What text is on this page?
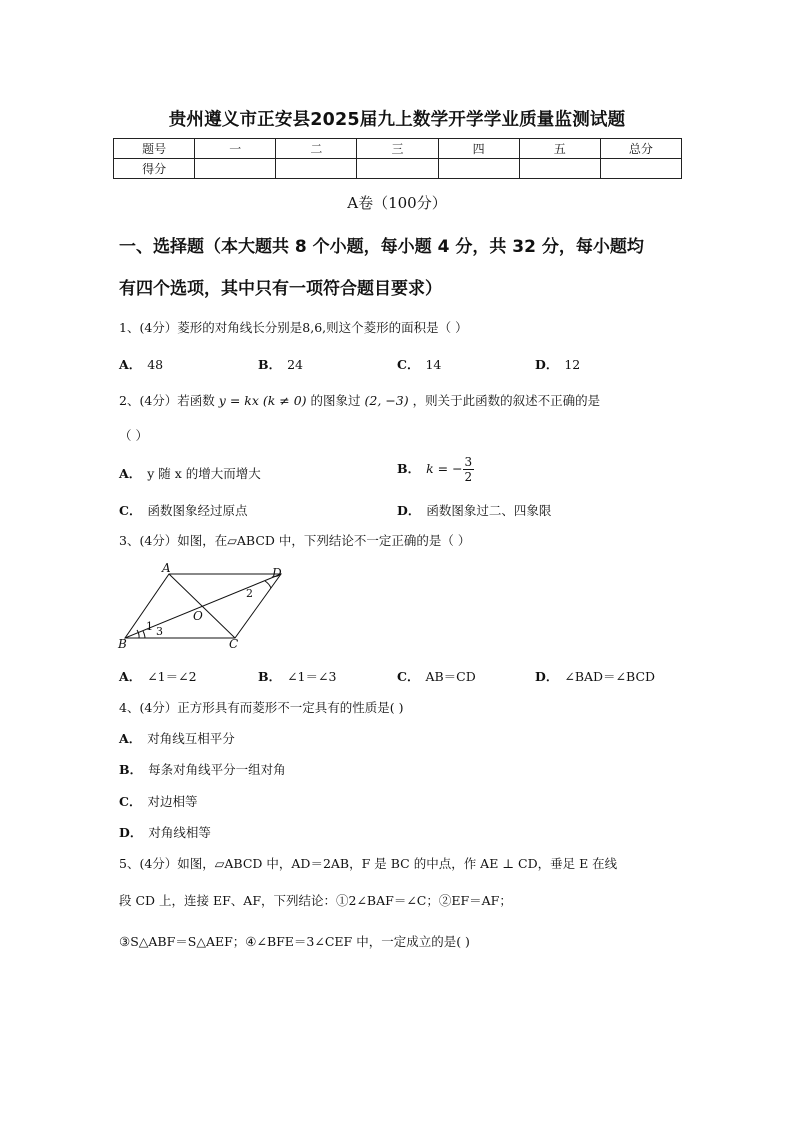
贵州遵义市正安县2025届九上数学开学学业质量监测试题
题号	一	二	三	四	五	总分
得分						
A卷（100分）
一、选择题（本大题共 8 个小题，每小题 4 分，共 32 分，每小题均
有四个选项，其中只有一项符合题目要求）
1、(4分）菱形的对角线长分别是8,6,则这个菱形的面积是（ ）
A． 48	B． 24	C． 14	D． 12
2、(4分）若函数 y = kx (k ≠ 0) 的图象过 (2, −3) ，则关于此函数的叙述不正确的是
（ ）
A． y 随 x 的增大而增大	B． k = − $\frac{3}{2}$
C． 函数图象经过原点	D． 函数图象过二、四象限
3、(4分）如图，在▱ABCD 中，下列结论不一定正确的是（ ）
A	D
B	C
O
1
2
3
A． ∠1＝∠2	B． ∠1＝∠3	C． AB＝CD	D． ∠BAD＝∠BCD
4、(4分）正方形具有而菱形不一定具有的性质是( )
A． 对角线互相平分
B． 每条对角线平分一组对角
C． 对边相等
D． 对角线相等
5、(4分）如图，▱ABCD 中，AD＝2AB，F 是 BC 的中点，作 AE ⊥ CD，垂足 E 在线
段 CD 上，连接 EF、AF，下列结论：①2∠BAF＝∠C；②EF＝AF；
③S△ABF＝S△AEF；④∠BFE＝3∠CEF 中，一定成立的是( )
